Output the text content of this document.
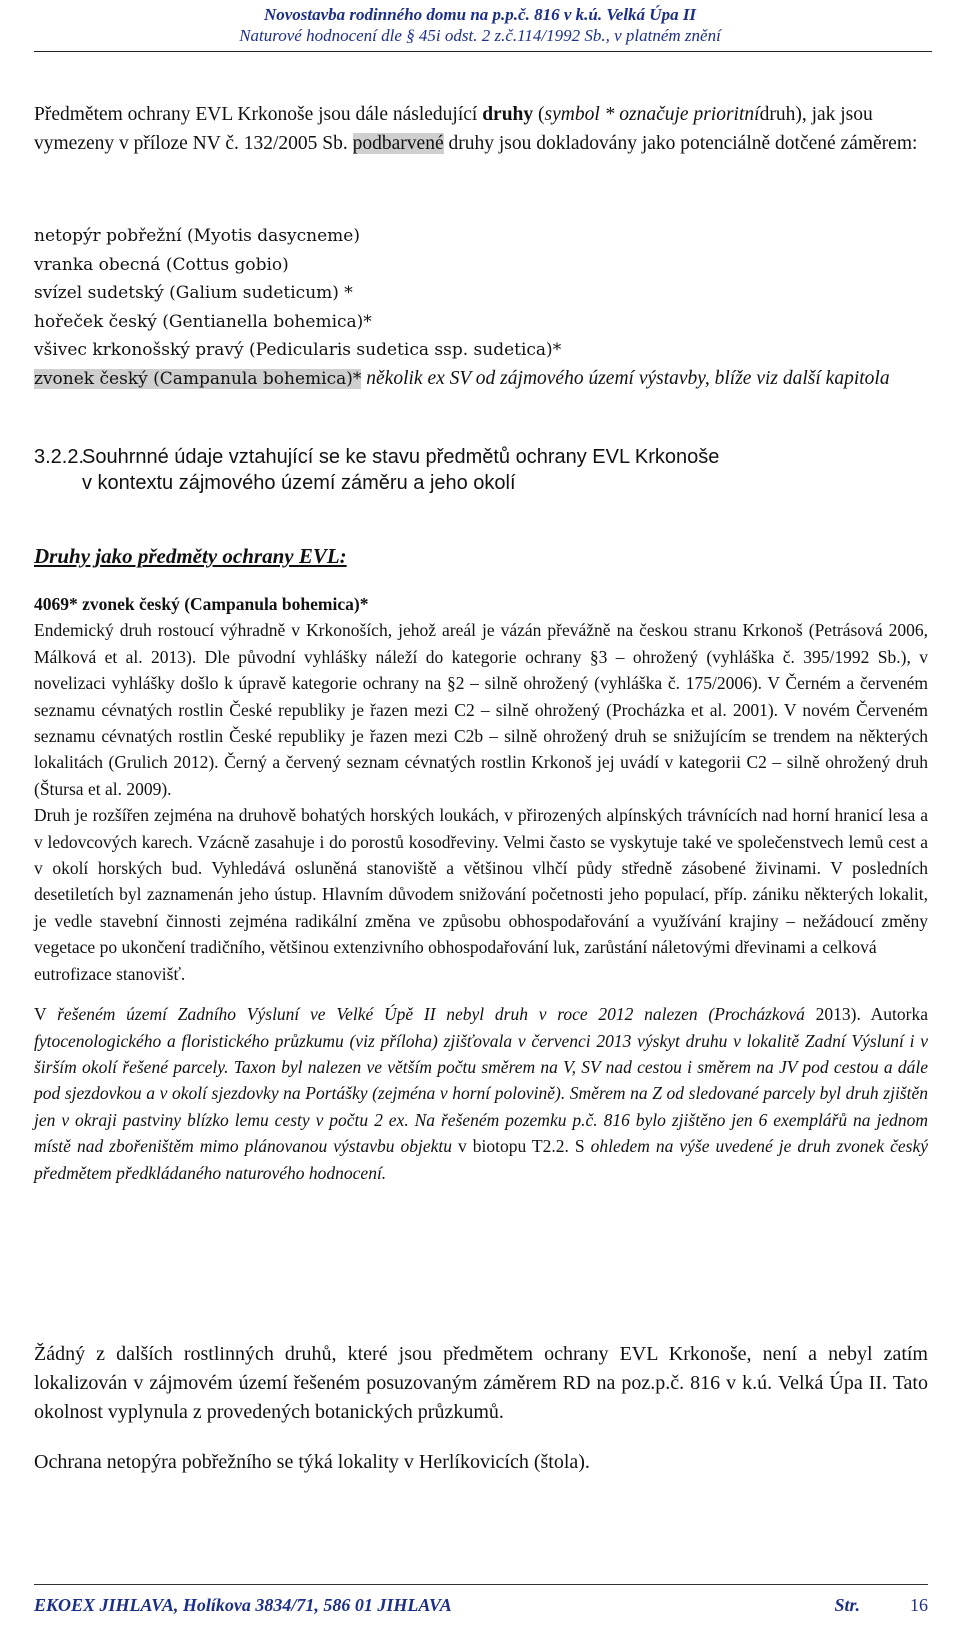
Novostavba rodinného domu na p.p.č. 816 v k.ú. Velká Úpa II
Naturové hodnocení dle § 45i odst. 2 z.č.114/1992 Sb., v platném znění
Předmětem ochrany EVL Krkonoše jsou dále následující druhy (symbol * označuje prioritnídruh), jak jsou vymezeny v příloze NV č. 132/2005 Sb. podbarvené druhy jsou dokladovány jako potenciálně dotčené záměrem:
netopýr pobřežní (Myotis dasycneme)
vranka obecná (Cottus gobio)
svízel sudetský (Galium sudeticum) *
hořeček český (Gentianella bohemica)*
všivec krkonošský pravý (Pedicularis sudetica ssp. sudetica)*
zvonek český (Campanula bohemica)* několik ex SV od zájmového území výstavby, blíže viz další kapitola
3.2.2.Souhrnné údaje vztahující se ke stavu předmětů ochrany EVL Krkonoše
v kontextu zájmového území záměru a jeho okolí
Druhy jako předměty ochrany EVL:

4069* zvonek český (Campanula bohemica)*

Endemický druh rostoucí výhradně v Krkonoších, jehož areál je vázán převážně na českou stranu Krkonoš (Petrásová 2006, Málková et al. 2013). Dle původní vyhlášky náleží do kategorie ochrany §3 – ohrožený (vyhláška č. 395/1992 Sb.), v novelizaci vyhlášky došlo k úpravě kategorie ochrany na §2 – silně ohrožený (vyhláška č. 175/2006). V Černém a červeném seznamu cévnatých rostlin České republiky je řazen mezi C2 – silně ohrožený (Procházka et al. 2001). V novém Červeném seznamu cévnatých rostlin České republiky je řazen mezi C2b – silně ohrožený druh se snižujícím se trendem na některých lokalitách (Grulich 2012). Černý a červený seznam cévnatých rostlin Krkonoš jej uvádí v kategorii C2 – silně ohrožený druh (Štursa et al. 2009).

Druh je rozšířen zejména na druhově bohatých horských loukách, v přirozených alpínských trávnících nad horní hranicí lesa a v ledovcových karech. Vzácně zasahuje i do porostů kosodřeviny. Velmi často se vyskytuje také ve společenstvech lemů cest a v okolí horských bud. Vyhledává osluněná stanoviště a většinou vlhčí půdy středně zásobené živinami. V posledních desetiletích byl zaznamenán jeho ústup. Hlavním důvodem snižování početnosti jeho populací, příp. zániku některých lokalit, je vedle stavební činnosti zejména radikální změna ve způsobu obhospodařování a využívání krajiny – nežádoucí změny vegetace po ukončení tradičního, většinou extenzivního obhospodařování luk, zarůstání náletovými dřevinami a celková

eutrofizace stanovišť.

V řešeném území Zadního Výsluní ve Velké Úpě II nebyl druh v roce 2012 nalezen (Procházková 2013). Autorka fytocenologického a floristického průzkumu (viz příloha) zjišťovala v červenci 2013 výskyt druhu v lokalitě Zadní Výsluní i v širším okolí řešené parcely. Taxon byl nalezen ve větším počtu směrem na V, SV nad cestou i směrem na JV pod cestou a dále pod sjezdovkou a v okolí sjezdovky na Portášky (zejména v horní polovině). Směrem na Z od sledované parcely byl druh zjištěn jen v okraji pastviny blízko lemu cesty v počtu 2 ex. Na řešeném pozemku p.č. 816 bylo zjištěno jen 6 exemplářů na jednom místě nad zbořeništěm mimo plánovanou výstavbu objektu v biotopu T2.2. S ohledem na výše uvedené je druh zvonek český předmětem předkládaného naturového hodnocení.

Žádný z dalších rostlinných druhů, které jsou předmětem ochrany EVL Krkonoše, není a nebyl zatím lokalizován v zájmovém území řešeném posuzovaným záměrem RD na poz.p.č. 816 v k.ú. Velká Úpa II. Tato okolnost vyplynula z provedených botanických průzkumů.
Ochrana netopýra pobřežního se týká lokality v Herlíkovicích (štola).
EKOEX JIHLAVA, Holíkova 3834/71, 586 01 JIHLAVA	Str.	16
